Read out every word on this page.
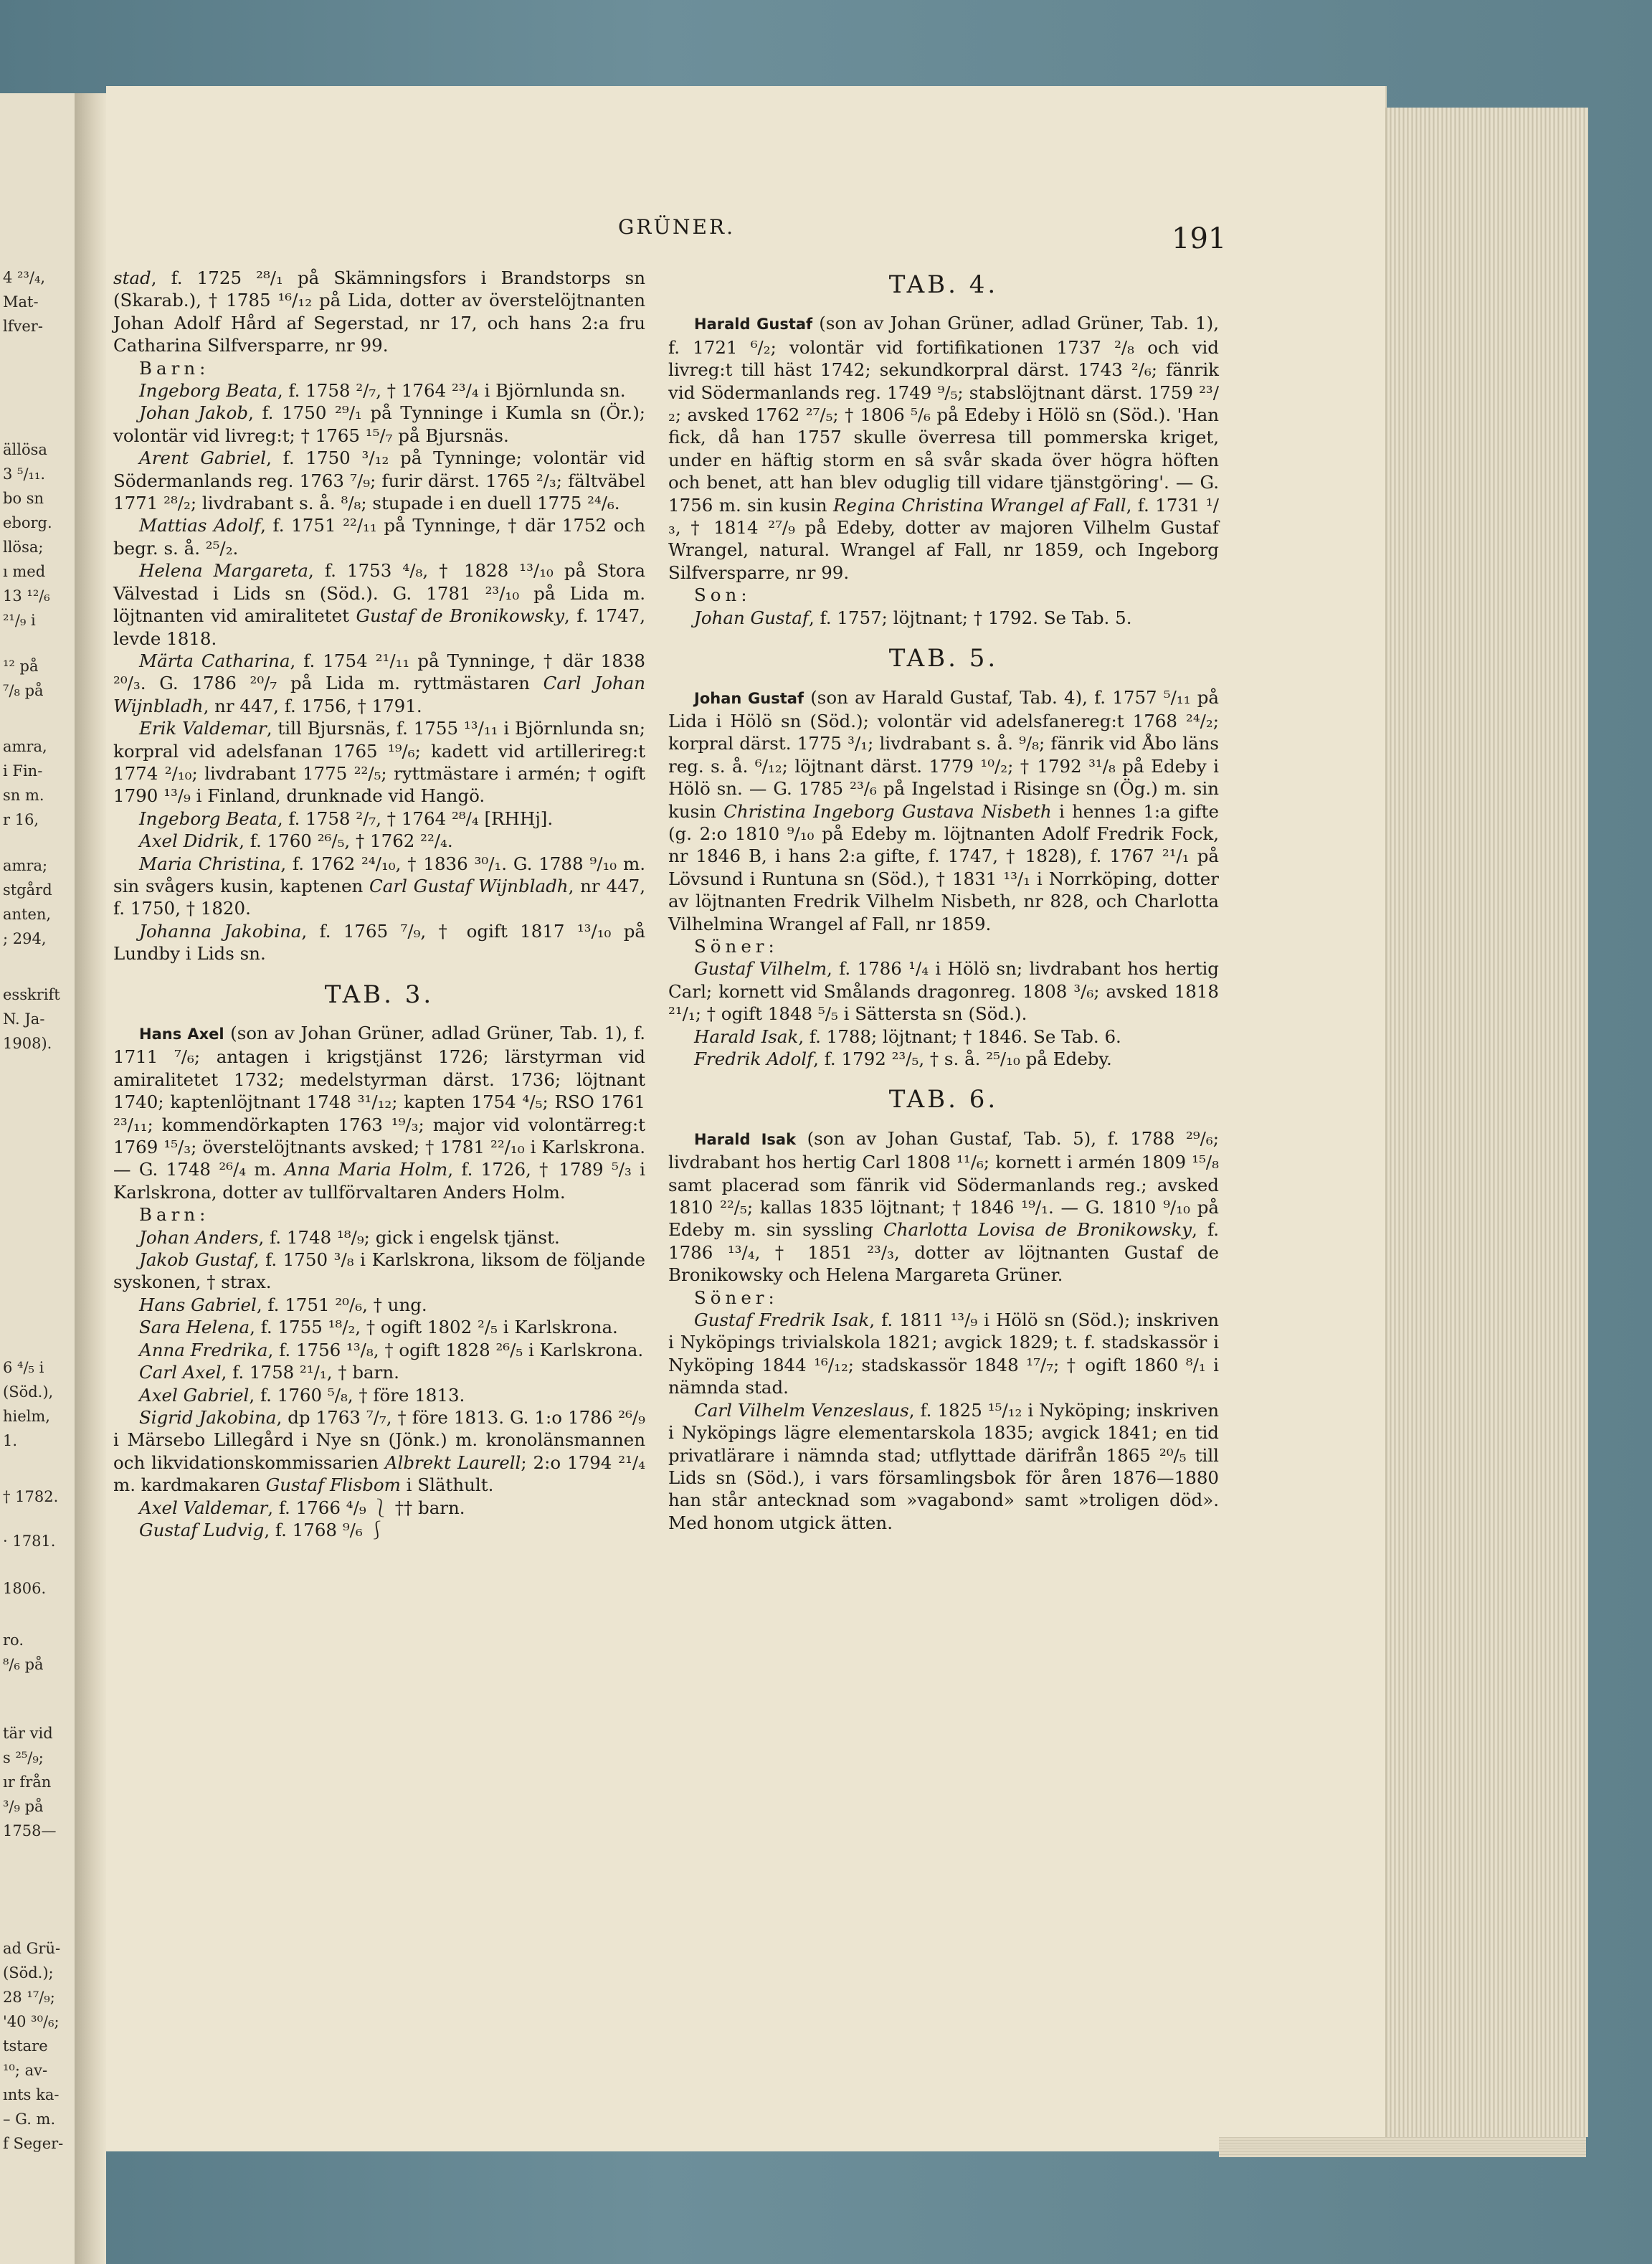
4 ²³/₄,
Mat-
lfver-
ällösa
3 ⁵/₁₁.
bo sn
eborg.
llösa;
ı med
13 ¹²/₆
²¹/₉ i
¹² på
⁷/₈ på
amra,
i Fin-
sn m.
r 16,
amra;
stgård
anten,
; 294,
esskrift
N. Ja-
1908).
6 ⁴/₅ i
(Söd.),
hielm,
1.
† 1782.
· 1781.
1806.
ro.
⁸/₆ på
tär vid
s ²⁵/₉;
ır från
³/₉ på
1758—
ad Grü-
(Söd.);
28 ¹⁷/₉;
'40 ³⁰/₆;
tstare
¹⁰; av-
ınts ka-
– G. m.
f Seger-
GRÜNER.	191

stad, f. 1725 ²⁸/₁ på Skämningsfors i Brandstorps sn (Skarab.), † 1785 ¹⁶/₁₂ på Lida, dotter av överstelöjtnanten Johan Adolf Hård af Segerstad, nr 17, och hans 2:a fru Catharina Silfversparre, nr 99.

Barn:

Ingeborg Beata, f. 1758 ²/₇, † 1764 ²³/₄ i Björnlunda sn.

Johan Jakob, f. 1750 ²⁹/₁ på Tynninge i Kumla sn (Ör.); volontär vid livreg:t; † 1765 ¹⁵/₇ på Bjursnäs.

Arent Gabriel, f. 1750 ³/₁₂ på Tynninge; volontär vid Södermanlands reg. 1763 ⁷/₉; furir därst. 1765 ²/₃; fältväbel 1771 ²⁸/₂; livdrabant s. å. ⁸/₈; stupade i en duell 1775 ²⁴/₆.

Mattias Adolf, f. 1751 ²²/₁₁ på Tynninge, † där 1752 och begr. s. å. ²⁵/₂.

Helena Margareta, f. 1753 ⁴/₈, † 1828 ¹³/₁₀ på Stora Välvestad i Lids sn (Söd.). G. 1781 ²³/₁₀ på Lida m. löjtnanten vid amiralitetet Gustaf de Bronikowsky, f. 1747, levde 1818.

Märta Catharina, f. 1754 ²¹/₁₁ på Tynninge, † där 1838 ²⁰/₃. G. 1786 ²⁰/₇ på Lida m. ryttmästaren Carl Johan Wijnbladh, nr 447, f. 1756, † 1791.

Erik Valdemar, till Bjursnäs, f. 1755 ¹³/₁₁ i Björnlunda sn; korpral vid adelsfanan 1765 ¹⁹/₆; kadett vid artillerireg:t 1774 ²/₁₀; livdrabant 1775 ²²/₅; ryttmästare i armén; † ogift 1790 ¹³/₉ i Finland, drunknade vid Hangö.

Ingeborg Beata, f. 1758 ²/₇, † 1764 ²⁸/₄ [RHHj].

Axel Didrik, f. 1760 ²⁶/₅, † 1762 ²²/₄.

Maria Christina, f. 1762 ²⁴/₁₀, † 1836 ³⁰/₁. G. 1788 ⁹/₁₀ m. sin svågers kusin, kaptenen Carl Gustaf Wijnbladh, nr 447, f. 1750, † 1820.

Johanna Jakobina, f. 1765 ⁷/₉, † ogift 1817 ¹³/₁₀ på Lundby i Lids sn.

TAB. 3.

Hans Axel (son av Johan Grüner, adlad Grüner, Tab. 1), f. 1711 ⁷/₆; antagen i krigstjänst 1726; lärstyrman vid amiralitetet 1732; medelstyrman därst. 1736; löjtnant 1740; kaptenlöjtnant 1748 ³¹/₁₂; kapten 1754 ⁴/₅; RSO 1761 ²³/₁₁; kommendörkapten 1763 ¹⁹/₃; major vid volontärreg:t 1769 ¹⁵/₃; överstelöjtnants avsked; † 1781 ²²/₁₀ i Karlskrona. — G. 1748 ²⁶/₄ m. Anna Maria Holm, f. 1726, † 1789 ⁵/₃ i Karlskrona, dotter av tullförvaltaren Anders Holm.

Barn:

Johan Anders, f. 1748 ¹⁸/₉; gick i engelsk tjänst.

Jakob Gustaf, f. 1750 ³/₈ i Karlskrona, liksom de följande syskonen, † strax.

Hans Gabriel, f. 1751 ²⁰/₆, † ung.

Sara Helena, f. 1755 ¹⁸/₂, † ogift 1802 ²/₅ i Karlskrona.

Anna Fredrika, f. 1756 ¹³/₈, † ogift 1828 ²⁶/₅ i Karlskrona.

Carl Axel, f. 1758 ²¹/₁, † barn.

Axel Gabriel, f. 1760 ⁵/₈, † före 1813.

Sigrid Jakobina, dp 1763 ⁷/₇, † före 1813. G. 1:o 1786 ²⁶/₉ i Märsebo Lillegård i Nye sn (Jönk.) m. kronolänsmannen och likvidationskommissarien Albrekt Laurell; 2:o 1794 ²¹/₄ m. kardmakaren Gustaf Flisbom i Släthult.

Axel Valdemar, f. 1766 ⁴/₉ ⎱ †† barn.

Gustaf Ludvig, f. 1768 ⁹/₆ ⎰

TAB. 4.

Harald Gustaf (son av Johan Grüner, adlad Grüner, Tab. 1), f. 1721 ⁶/₂; volontär vid fortifikationen 1737 ²/₈ och vid livreg:t till häst 1742; sekundkorpral därst. 1743 ²/₆; fänrik vid Södermanlands reg. 1749 ⁹/₅; stabslöjtnant därst. 1759 ²³/₂; avsked 1762 ²⁷/₅; † 1806 ⁵/₆ på Edeby i Hölö sn (Söd.). 'Han fick, då han 1757 skulle överresa till pommerska kriget, under en häftig storm en så svår skada över högra höften och benet, att han blev oduglig till vidare tjänstgöring'. — G. 1756 m. sin kusin Regina Christina Wrangel af Fall, f. 1731 ¹/₃, † 1814 ²⁷/₉ på Edeby, dotter av majoren Vilhelm Gustaf Wrangel, natural. Wrangel af Fall, nr 1859, och Ingeborg Silfversparre, nr 99.

Son:

Johan Gustaf, f. 1757; löjtnant; † 1792. Se Tab. 5.

TAB. 5.

Johan Gustaf (son av Harald Gustaf, Tab. 4), f. 1757 ⁵/₁₁ på Lida i Hölö sn (Söd.); volontär vid adelsfanereg:t 1768 ²⁴/₂; korpral därst. 1775 ³/₁; livdrabant s. å. ⁹/₈; fänrik vid Åbo läns reg. s. å. ⁶/₁₂; löjtnant därst. 1779 ¹⁰/₂; † 1792 ³¹/₈ på Edeby i Hölö sn. — G. 1785 ²³/₆ på Ingelstad i Risinge sn (Ög.) m. sin kusin Christina Ingeborg Gustava Nisbeth i hennes 1:a gifte (g. 2:o 1810 ⁹/₁₀ på Edeby m. löjtnanten Adolf Fredrik Fock, nr 1846 B, i hans 2:a gifte, f. 1747, † 1828), f. 1767 ²¹/₁ på Lövsund i Runtuna sn (Söd.), † 1831 ¹³/₁ i Norrköping, dotter av löjtnanten Fredrik Vilhelm Nisbeth, nr 828, och Charlotta Vilhelmina Wrangel af Fall, nr 1859.

Söner:

Gustaf Vilhelm, f. 1786 ¹/₄ i Hölö sn; livdrabant hos hertig Carl; kornett vid Smålands dragonreg. 1808 ³/₆; avsked 1818 ²¹/₁; † ogift 1848 ⁵/₅ i Sättersta sn (Söd.).

Harald Isak, f. 1788; löjtnant; † 1846. Se Tab. 6.

Fredrik Adolf, f. 1792 ²³/₅, † s. å. ²⁵/₁₀ på Edeby.

TAB. 6.

Harald Isak (son av Johan Gustaf, Tab. 5), f. 1788 ²⁹/₆; livdrabant hos hertig Carl 1808 ¹¹/₆; kornett i armén 1809 ¹⁵/₈ samt placerad som fänrik vid Södermanlands reg.; avsked 1810 ²²/₅; kallas 1835 löjtnant; † 1846 ¹⁹/₁. — G. 1810 ⁹/₁₀ på Edeby m. sin syssling Charlotta Lovisa de Bronikowsky, f. 1786 ¹³/₄, † 1851 ²³/₃, dotter av löjtnanten Gustaf de Bronikowsky och Helena Margareta Grüner.

Söner:

Gustaf Fredrik Isak, f. 1811 ¹³/₉ i Hölö sn (Söd.); inskriven i Nyköpings trivialskola 1821; avgick 1829; t. f. stadskassör i Nyköping 1844 ¹⁶/₁₂; stadskassör 1848 ¹⁷/₇; † ogift 1860 ⁸/₁ i nämnda stad.

Carl Vilhelm Venzeslaus, f. 1825 ¹⁵/₁₂ i Nyköping; inskriven i Nyköpings lägre elementarskola 1835; avgick 1841; en tid privatlärare i nämnda stad; utflyttade därifrån 1865 ²⁰/₅ till Lids sn (Söd.), i vars församlingsbok för åren 1876—1880 han står antecknad som »vagabond» samt »troligen död». Med honom utgick ätten.
